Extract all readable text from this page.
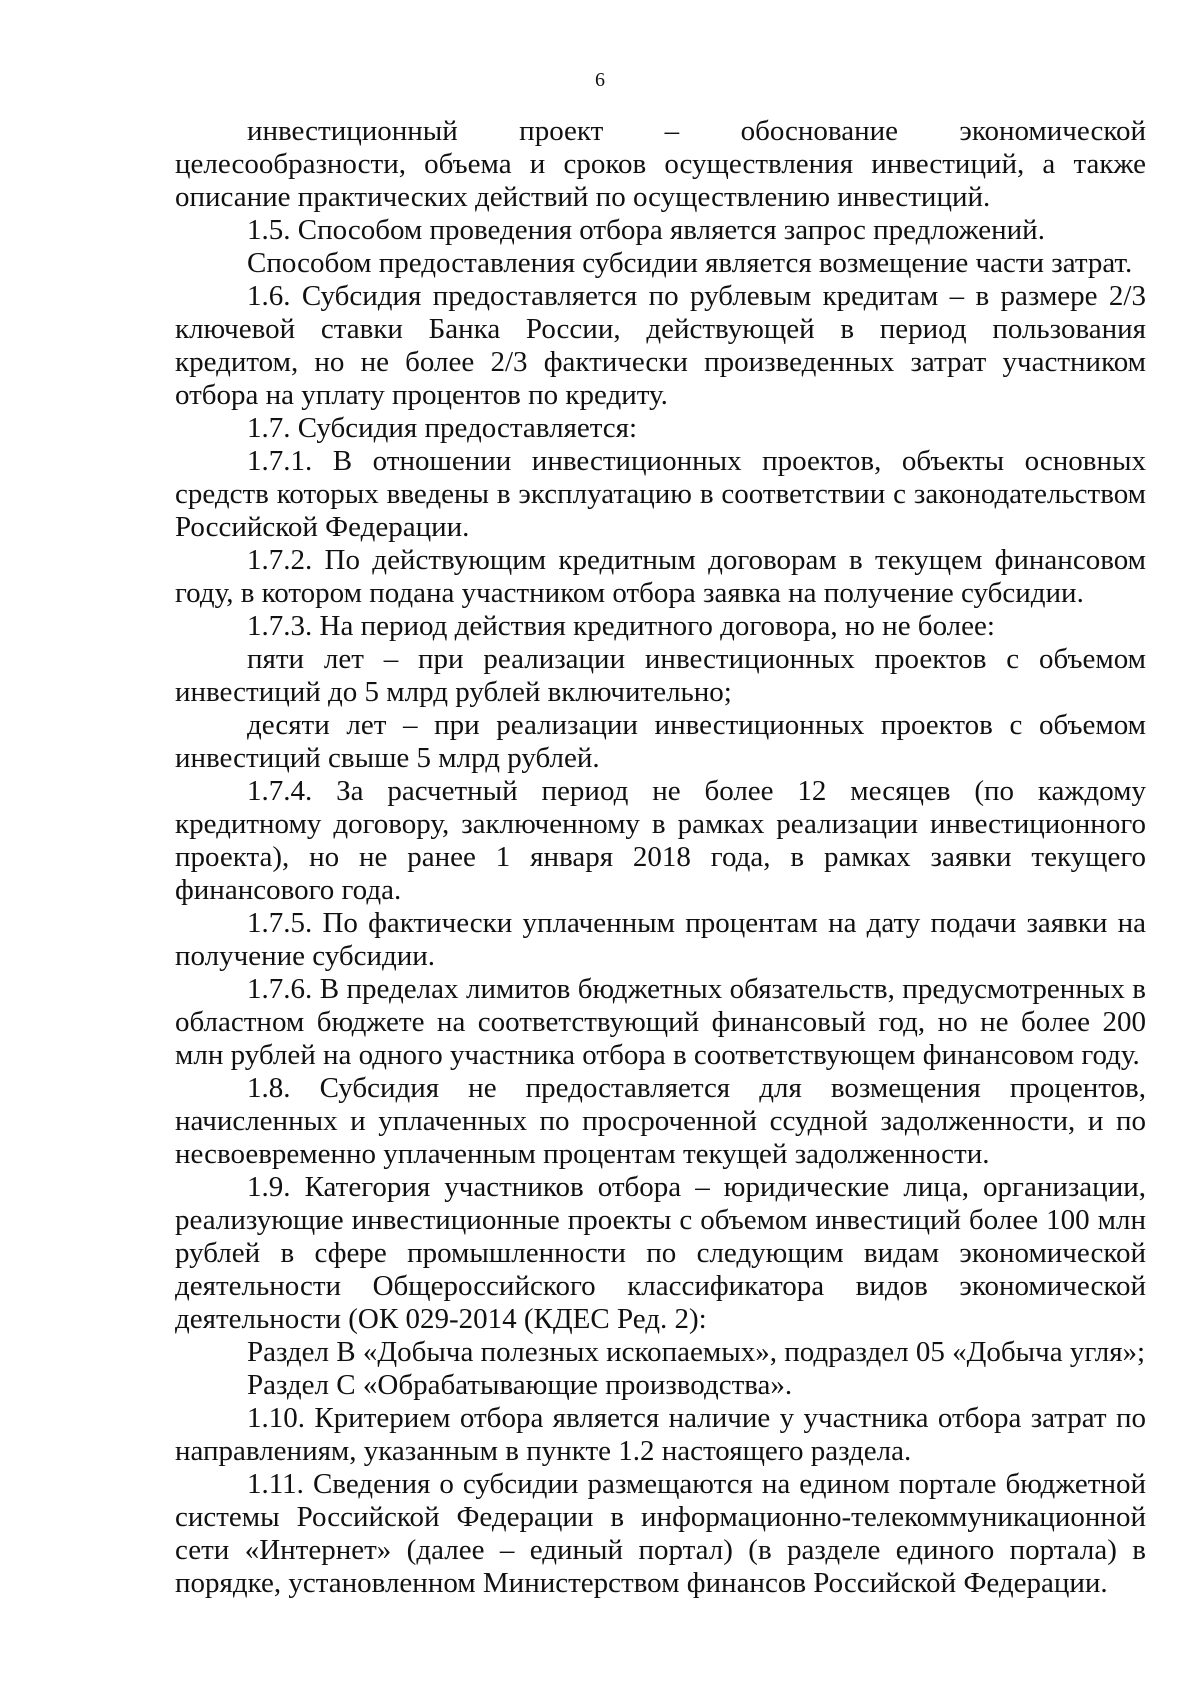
6

инвестиционный проект – обоснование экономической целесообразности, объема и сроков осуществления инвестиций, а также описание практических действий по осуществлению инвестиций.

1.5. Способом проведения отбора является запрос предложений.

Способом предоставления субсидии является возмещение части затрат.

1.6. Субсидия предоставляется по рублевым кредитам – в размере 2/3 ключевой ставки Банка России, действующей в период пользования кредитом, но не более 2/3 фактически произведенных затрат участником отбора на уплату процентов по кредиту.

1.7. Субсидия предоставляется:

1.7.1. В отношении инвестиционных проектов, объекты основных средств которых введены в эксплуатацию в соответствии с законодательством Российской Федерации.

1.7.2. По действующим кредитным договорам в текущем финансовом году, в котором подана участником отбора заявка на получение субсидии.

1.7.3. На период действия кредитного договора, но не более:

пяти лет – при реализации инвестиционных проектов с объемом инвестиций до 5 млрд рублей включительно;

десяти лет – при реализации инвестиционных проектов с объемом инвестиций свыше 5 млрд рублей.

1.7.4. За расчетный период не более 12 месяцев (по каждому кредитному договору, заключенному в рамках реализации инвестиционного проекта), но не ранее 1 января 2018 года, в рамках заявки текущего финансового года.

1.7.5. По фактически уплаченным процентам на дату подачи заявки на получение субсидии.

1.7.6. В пределах лимитов бюджетных обязательств, предусмотренных в областном бюджете на соответствующий финансовый год, но не более 200 млн рублей на одного участника отбора в соответствующем финансовом году.

1.8. Субсидия не предоставляется для возмещения процентов, начисленных и уплаченных по просроченной ссудной задолженности, и по несвоевременно уплаченным процентам текущей задолженности.

1.9. Категория участников отбора – юридические лица, организации, реализующие инвестиционные проекты с объемом инвестиций более 100 млн рублей в сфере промышленности по следующим видам экономической деятельности Общероссийского классификатора видов экономической деятельности (ОК 029-2014 (КДЕС Ред. 2):

Раздел В «Добыча полезных ископаемых», подраздел 05 «Добыча угля»;

Раздел С «Обрабатывающие производства».

1.10. Критерием отбора является наличие у участника отбора затрат по направлениям, указанным в пункте 1.2 настоящего раздела.

1.11. Сведения о субсидии размещаются на едином портале бюджетной системы Российской Федерации в информационно-телекоммуникационной сети «Интернет» (далее – единый портал) (в разделе единого портала) в порядке, установленном Министерством финансов Российской Федерации.
